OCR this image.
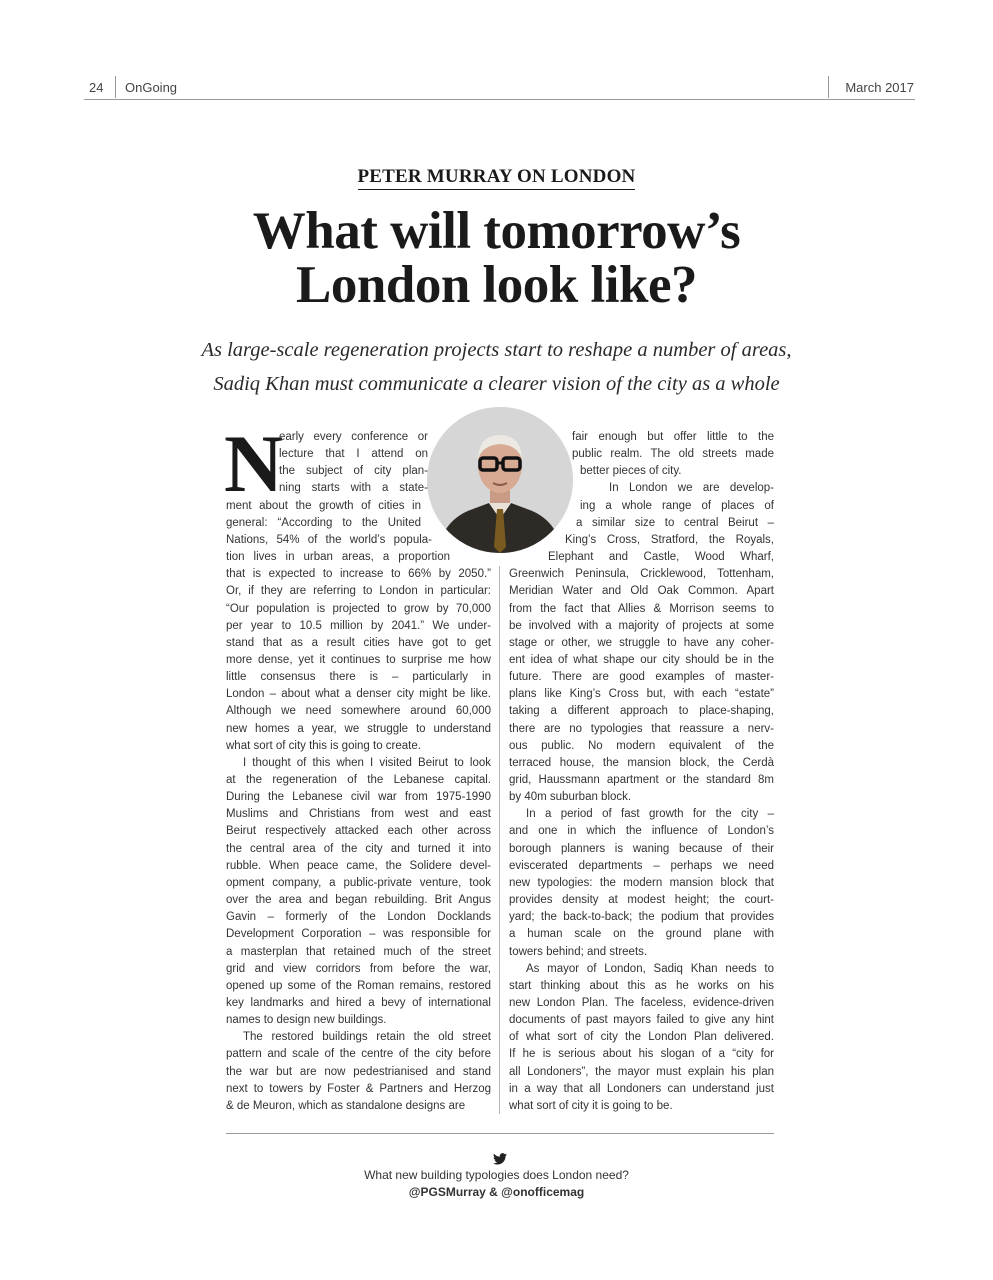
24 OnGoing	March 2017
PETER MURRAY ON LONDON
What will tomorrow’s
London look like?
As large-scale regeneration projects start to reshape a number of areas,
Sadiq Khan must communicate a clearer vision of the city as a whole
N
early every conference or
lecture that I attend on
the subject of city plan-
ning starts with a state-
ment about the growth of cities in
general: “According to the United
Nations, 54% of the world’s popula-
tion lives in urban areas, a proportion
that is expected to increase to 66% by 2050.”
Or, if they are referring to London in particular:
“Our population is projected to grow by 70,000
per year to 10.5 million by 2041.” We under-
stand that as a result cities have got to get
more dense, yet it continues to surprise me how
little consensus there is – particularly in
London – about what a denser city might be like.
Although we need somewhere around 60,000
new homes a year, we struggle to understand
what sort of city this is going to create.
I thought of this when I visited Beirut to look
at the regeneration of the Lebanese capital.
During the Lebanese civil war from 1975-1990
Muslims and Christians from west and east
Beirut respectively attacked each other across
the central area of the city and turned it into
rubble. When peace came, the Solidere devel-
opment company, a public-private venture, took
over the area and began rebuilding. Brit Angus
Gavin – formerly of the London Docklands
Development Corporation – was responsible for
a masterplan that retained much of the street
grid and view corridors from before the war,
opened up some of the Roman remains, restored
key landmarks and hired a bevy of international
names to design new buildings.
The restored buildings retain the old street
pattern and scale of the centre of the city before
the war but are now pedestrianised and stand
next to towers by Foster & Partners and Herzog
& de Meuron, which as standalone designs are
fair enough but offer little to the
public realm. The old streets made
better pieces of city.
In London we are develop-
ing a whole range of places of
a similar size to central Beirut –
King’s Cross, Stratford, the Royals,
Elephant and Castle, Wood Wharf,
Greenwich Peninsula, Cricklewood, Tottenham,
Meridian Water and Old Oak Common. Apart
from the fact that Allies & Morrison seems to
be involved with a majority of projects at some
stage or other, we struggle to have any coher-
ent idea of what shape our city should be in the
future. There are good examples of master-
plans like King’s Cross but, with each “estate”
taking a different approach to place-shaping,
there are no typologies that reassure a nerv-
ous public. No modern equivalent of the
terraced house, the mansion block, the Cerdà
grid, Haussmann apartment or the standard 8m
by 40m suburban block.
In a period of fast growth for the city –
and one in which the influence of London’s
borough planners is waning because of their
eviscerated departments – perhaps we need
new typologies: the modern mansion block that
provides density at modest height; the court-
yard; the back-to-back; the podium that provides
a human scale on the ground plane with
towers behind; and streets.
As mayor of London, Sadiq Khan needs to
start thinking about this as he works on his
new London Plan. The faceless, evidence-driven
documents of past mayors failed to give any hint
of what sort of city the London Plan delivered.
If he is serious about his slogan of a “city for
all Londoners”, the mayor must explain his plan
in a way that all Londoners can understand just
what sort of city it is going to be.
What new building typologies does London need?
@PGSMurray & @onofficemag
